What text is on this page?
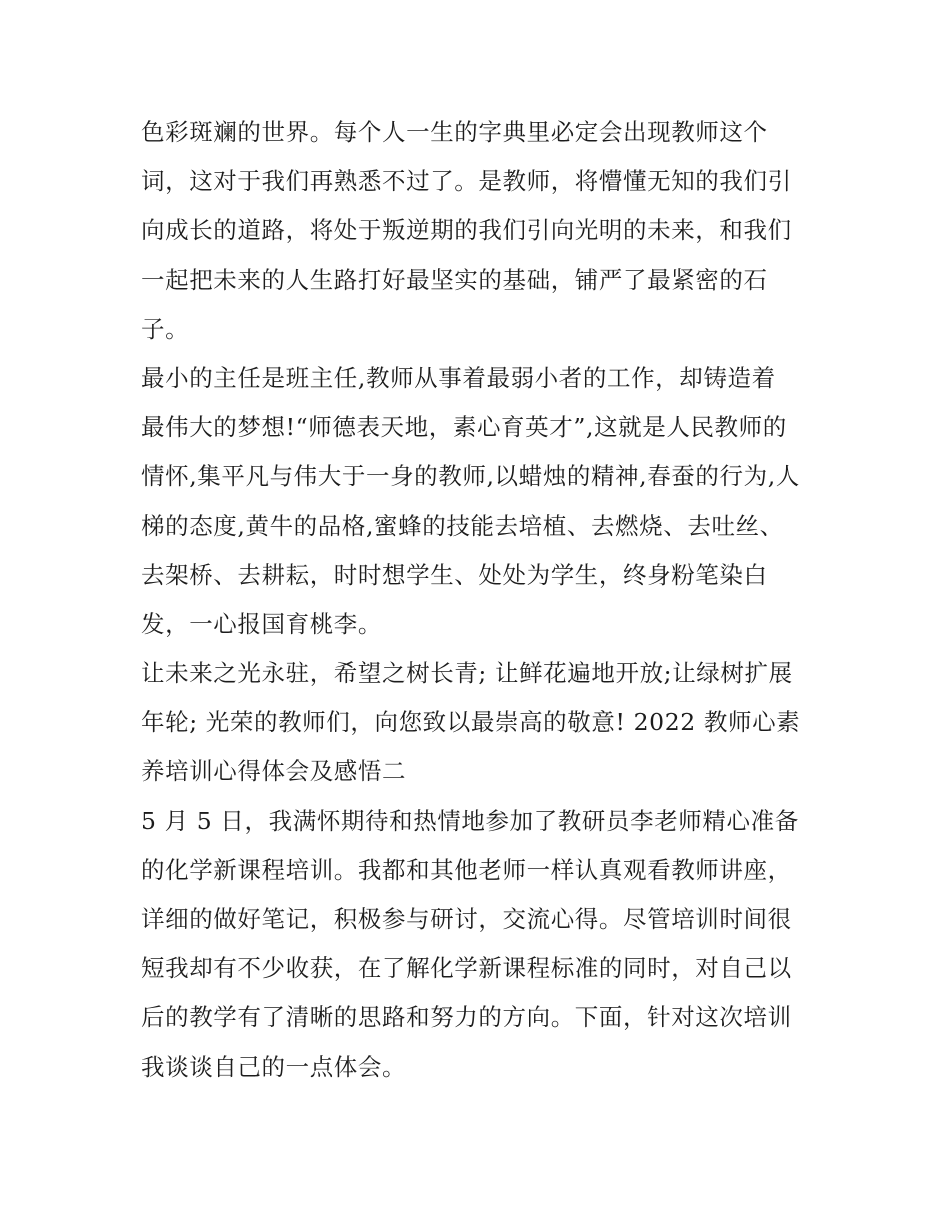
色彩斑斓的世界。每个人一生的字典里必定会出现教师这个
词，这对于我们再熟悉不过了。是教师，将懵懂无知的我们引
向成长的道路，将处于叛逆期的我们引向光明的未来，和我们
一起把未来的人生路打好最坚实的基础，铺严了最紧密的石
子。
最小的主任是班主任,教师从事着最弱小者的工作，却铸造着
最伟大的梦想!“师德表天地，素心育英才”,这就是人民教师的
情怀,集平凡与伟大于一身的教师,以蜡烛的精神,春蚕的行为,人
梯的态度,黄牛的品格,蜜蜂的技能去培植、去燃烧、去吐丝、
去架桥、去耕耘，时时想学生、处处为学生，终身粉笔染白
发，一心报国育桃李。
让未来之光永驻，希望之树长青; 让鲜花遍地开放;让绿树扩展
年轮; 光荣的教师们，向您致以最崇高的敬意! 2022 教师心素
养培训心得体会及感悟二
5 月 5 日，我满怀期待和热情地参加了教研员李老师精心准备
的化学新课程培训。我都和其他老师一样认真观看教师讲座，
详细的做好笔记，积极参与研讨，交流心得。尽管培训时间很
短我却有不少收获，在了解化学新课程标准的同时，对自己以
后的教学有了清晰的思路和努力的方向。下面，针对这次培训
我谈谈自己的一点体会。
